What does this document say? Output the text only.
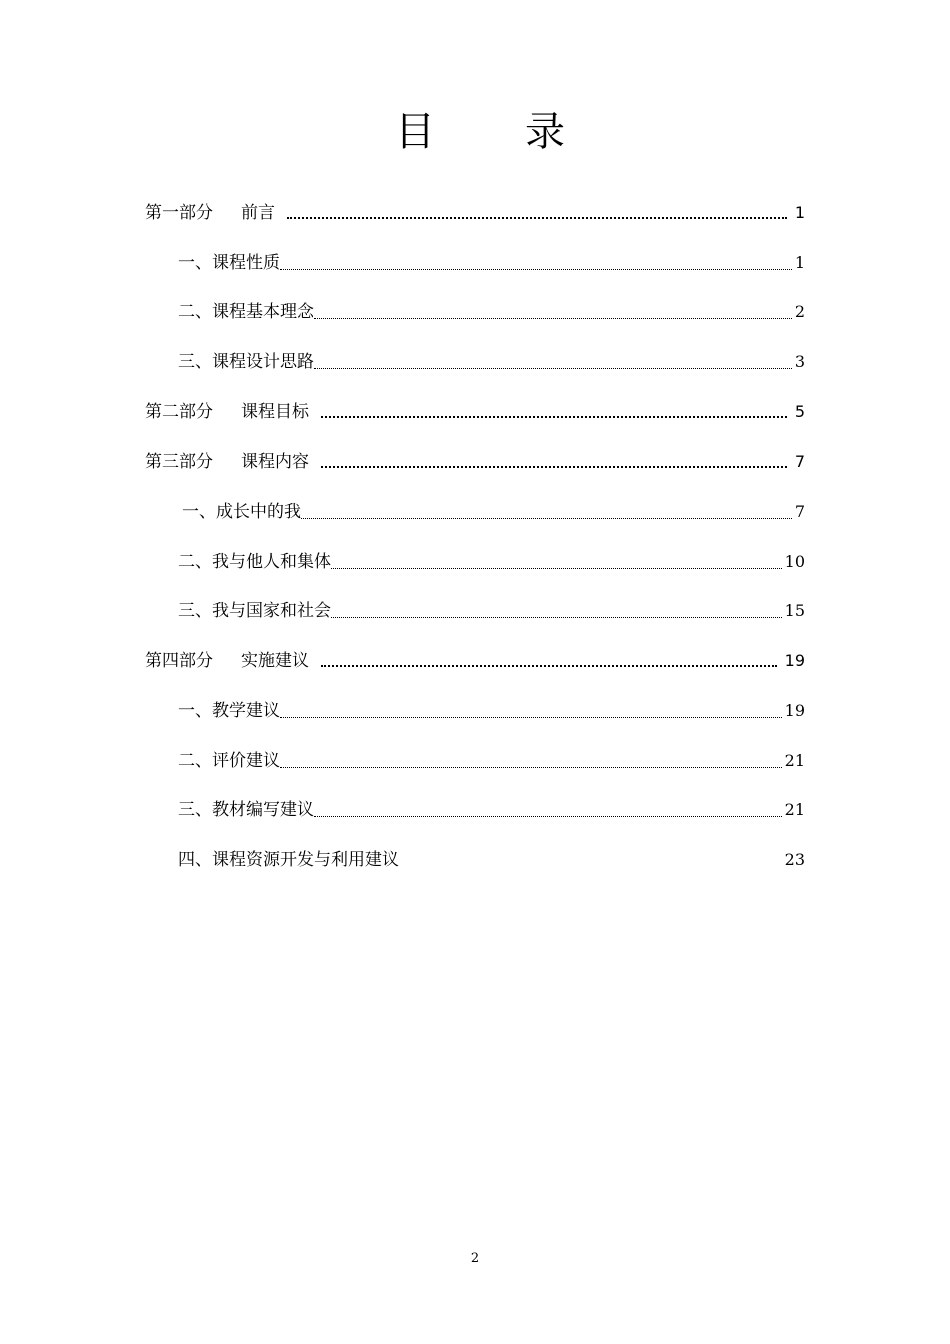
目 录
第一部分	前言	1
一、课程性质	1
二、课程基本理念	2
三、课程设计思路	3
第二部分	课程目标	5
第三部分	课程内容	7
一、成长中的我	7
二、我与他人和集体	10
三、我与国家和社会	15
第四部分	实施建议	19
一、教学建议	19
二、评价建议	21
三、教材编写建议	21
四、课程资源开发与利用建议	23
2
